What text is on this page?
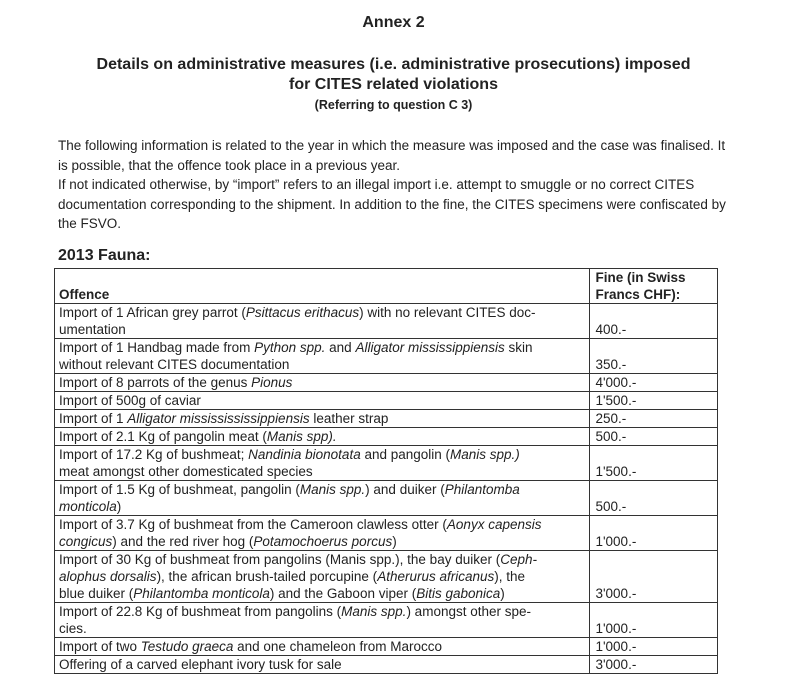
Annex 2
Details on administrative measures (i.e. administrative prosecutions) imposed
for CITES related violations
(Referring to question C 3)

The following information is related to the year in which the measure was imposed and the case was finalised. It is possible, that the offence took place in a previous year.

If not indicated otherwise, by “import” refers to an illegal import i.e. attempt to smuggle or no correct CITES documentation corresponding to the shipment. In addition to the fine, the CITES specimens were confiscated by the FSVO.

2013 Fauna:
Offence	Fine (in Swiss
Francs CHF):

Import of 1 African grey parrot (Psittacus erithacus) with no relevant CITES doc-
umentation	400.-
Import of 1 Handbag made from Python spp. and Alligator mississippiensis skin
without relevant CITES documentation	350.-
Import of 8 parrots of the genus Pionus	4'000.-
Import of 500g of caviar	1'500.-
Import of 1 Alligator mississississippiensis leather strap	250.-
Import of 2.1 Kg of pangolin meat (Manis spp).	500.-
Import of 17.2 Kg of bushmeat; Nandinia bionotata and pangolin (Manis spp.)
meat amongst other domesticated species	1'500.-
Import of 1.5 Kg of bushmeat, pangolin (Manis spp.) and duiker (Philantomba
monticola)	500.-
Import of 3.7 Kg of bushmeat from the Cameroon clawless otter (Aonyx capensis
congicus) and the red river hog (Potamochoerus porcus)	1'000.-
Import of 30 Kg of bushmeat from pangolins (Manis spp.), the bay duiker (Ceph-
alophus dorsalis), the african brush-tailed porcupine (Atherurus africanus), the
blue duiker (Philantomba monticola) and the Gaboon viper (Bitis gabonica)	3'000.-
Import of 22.8 Kg of bushmeat from pangolins (Manis spp.) amongst other spe-
cies.	1'000.-
Import of two Testudo graeca and one chameleon from Marocco	1'000.-
Offering of a carved elephant ivory tusk for sale	3'000.-
